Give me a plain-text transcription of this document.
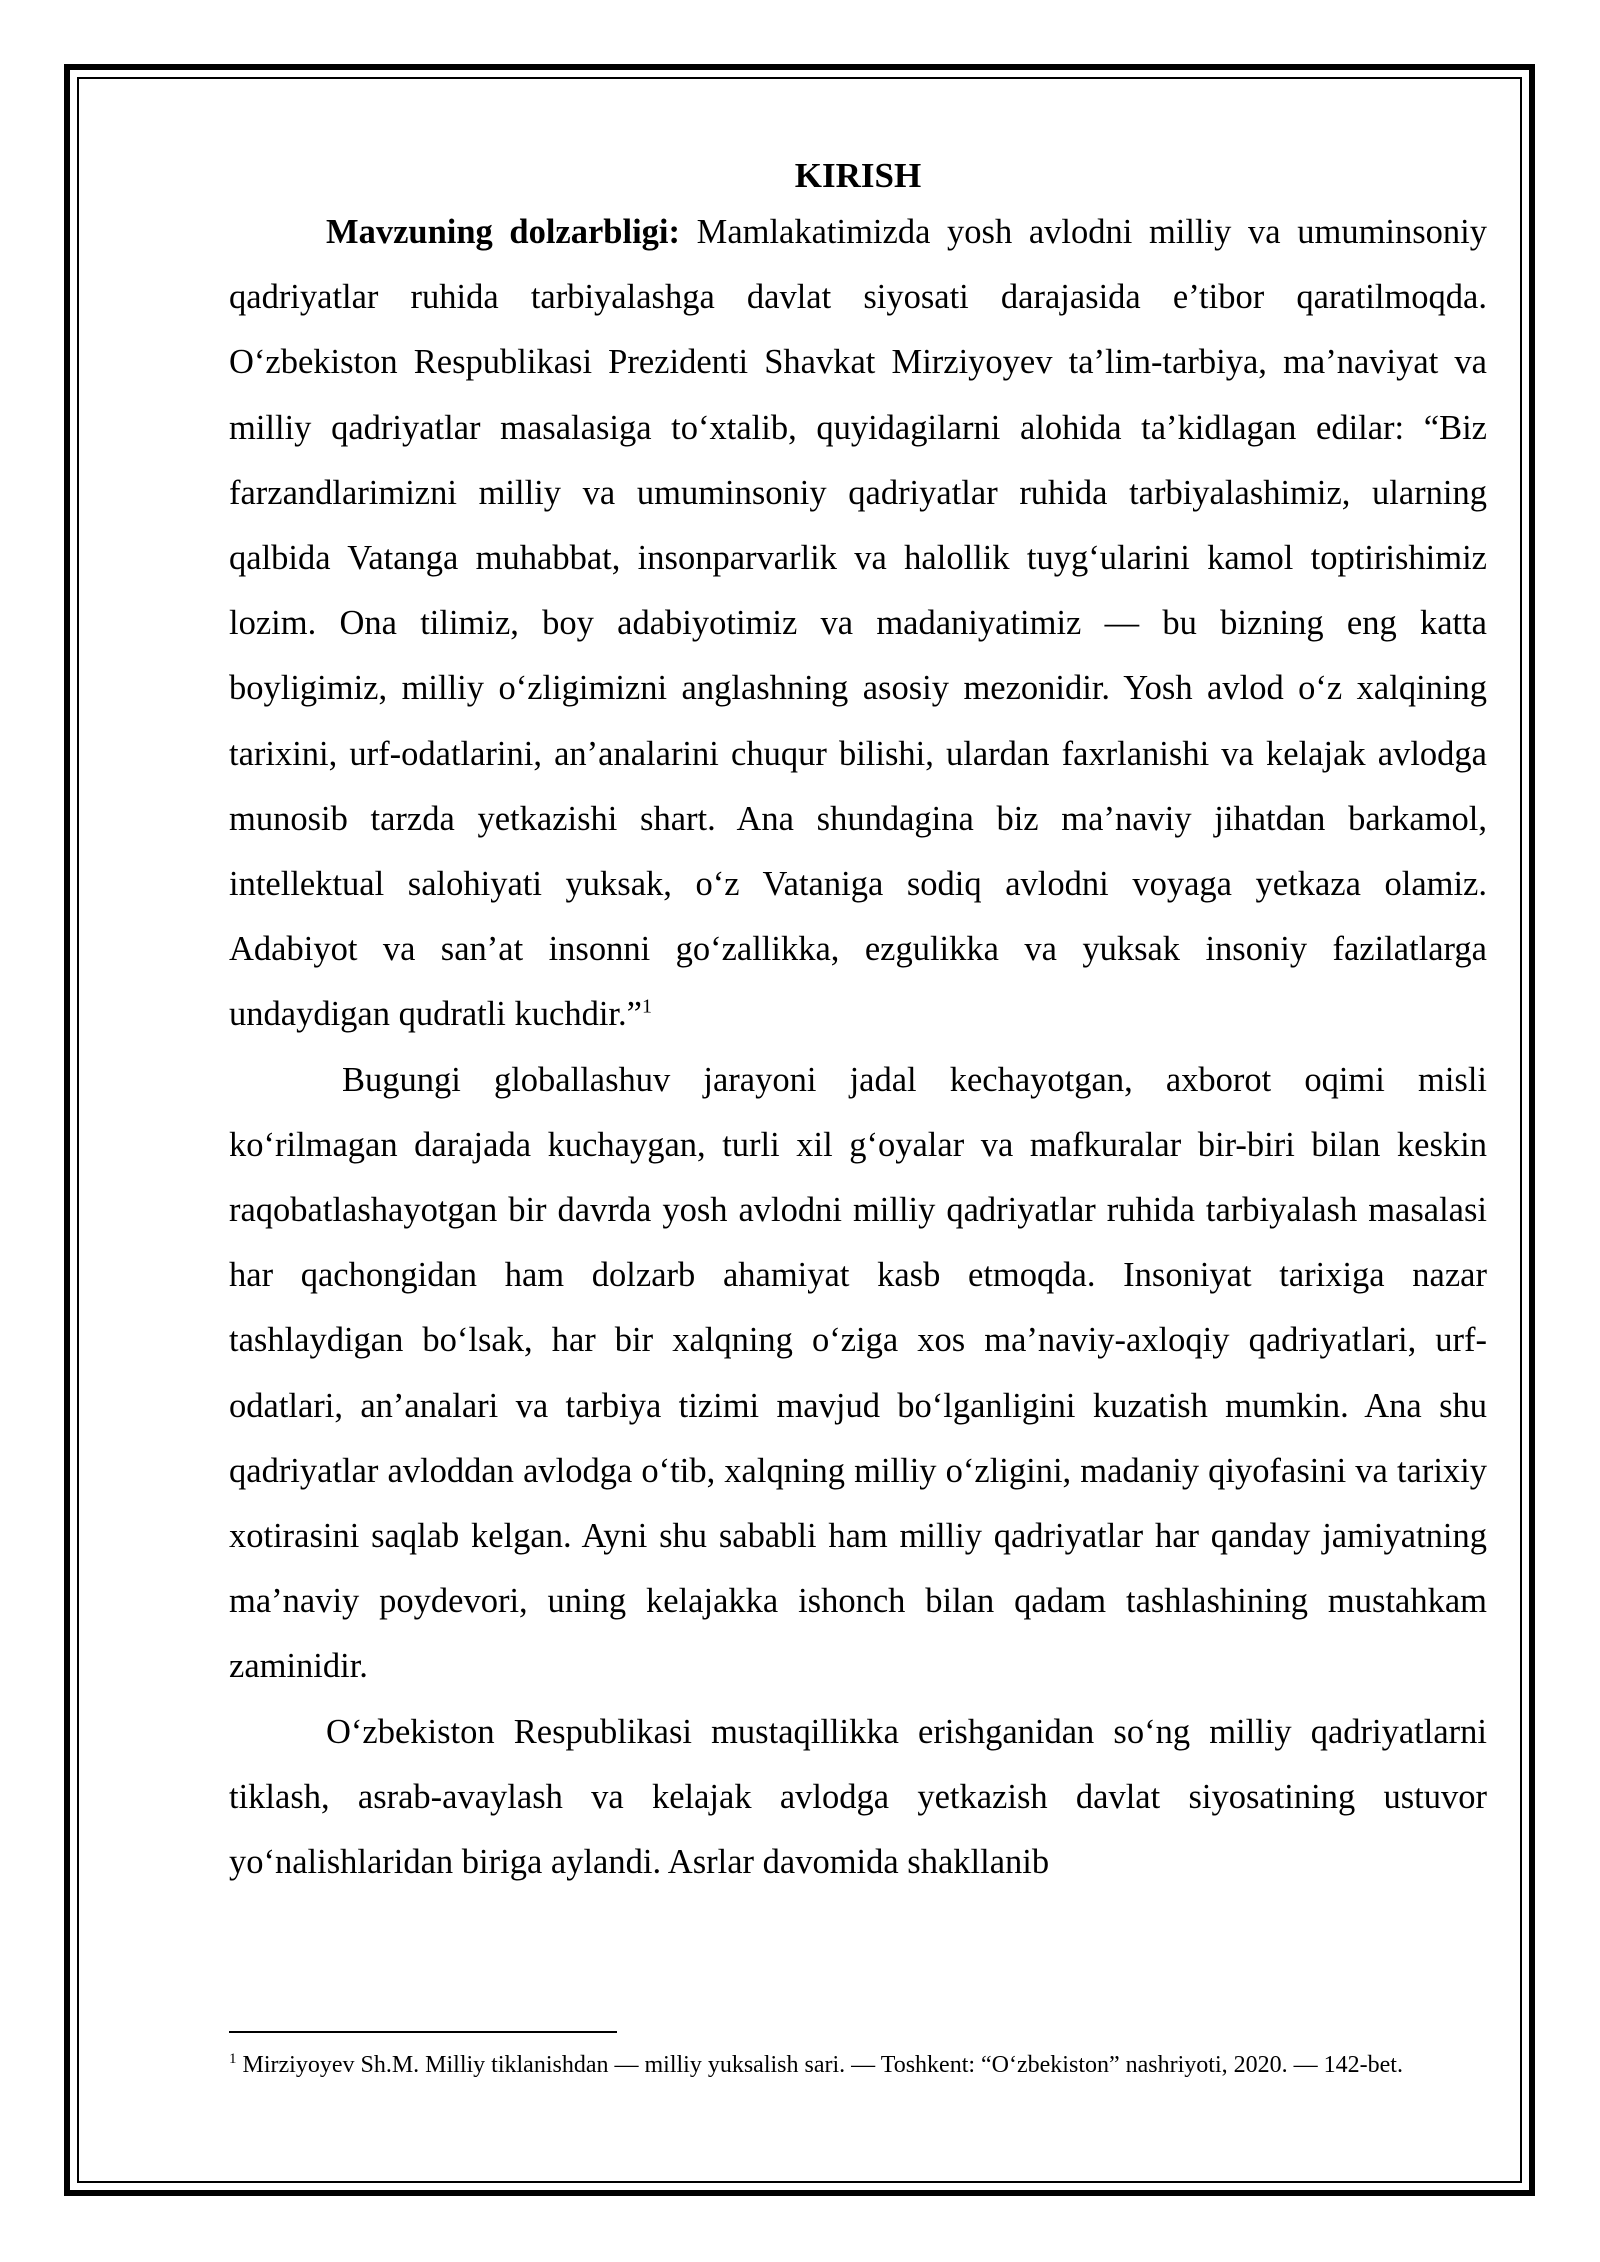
KIRISH

Mavzuning dolzarbligi: Mamlakatimizda yosh avlodni milliy va umuminsoniy qadriyatlar ruhida tarbiyalashga davlat siyosati darajasida e’tibor qaratilmoqda. O‘zbekiston Respublikasi Prezidenti Shavkat Mirziyoyev ta’lim-tarbiya, ma’naviyat va milliy qadriyatlar masalasiga to‘xtalib, quyidagilarni alohida ta’kidlagan edilar: “Biz farzandlarimizni milliy va umuminsoniy qadriyatlar ruhida tarbiyalashimiz, ularning qalbida Vatanga muhabbat, insonparvarlik va halollik tuyg‘ularini kamol toptirishimiz lozim. Ona tilimiz, boy adabiyotimiz va madaniyatimiz — bu bizning eng katta boyligimiz, milliy o‘zligimizni anglashning asosiy mezonidir. Yosh avlod o‘z xalqining tarixini, urf-odatlarini, an’analarini chuqur bilishi, ulardan faxrlanishi va kelajak avlodga munosib tarzda yetkazishi shart. Ana shundagina biz ma’naviy jihatdan barkamol, intellektual salohiyati yuksak, o‘z Vataniga sodiq avlodni voyaga yetkaza olamiz. Adabiyot va san’at insonni go‘zallikka, ezgulikka va yuksak insoniy fazilatlarga undaydigan qudratli kuchdir.”$^1$

Bugungi globallashuv jarayoni jadal kechayotgan, axborot oqimi misli ko‘rilmagan darajada kuchaygan, turli xil g‘oyalar va mafkuralar bir-biri bilan keskin raqobatlashayotgan bir davrda yosh avlodni milliy qadriyatlar ruhida tarbiyalash masalasi har qachongidan ham dolzarb ahamiyat kasb etmoqda. Insoniyat tarixiga nazar tashlaydigan bo‘lsak, har bir xalqning o‘ziga xos ma’naviy-axloqiy qadriyatlari, urf-odatlari, an’analari va tarbiya tizimi mavjud bo‘lganligini kuzatish mumkin. Ana shu qadriyatlar avloddan avlodga o‘tib, xalqning milliy o‘zligini, madaniy qiyofasini va tarixiy xotirasini saqlab kelgan. Ayni shu sababli ham milliy qadriyatlar har qanday jamiyatning ma’naviy poydevori, uning kelajakka ishonch bilan qadam tashlashining mustahkam zaminidir.

O‘zbekiston Respublikasi mustaqillikka erishganidan so‘ng milliy qadriyatlarni tiklash, asrab-avaylash va kelajak avlodga yetkazish davlat siyosatining ustuvor yo‘nalishlaridan biriga aylandi. Asrlar davomida shakllanib

$^1$ Mirziyoyev Sh.M. Milliy tiklanishdan — milliy yuksalish sari. — Toshkent: “O‘zbekiston” nashriyoti, 2020. — 142-bet.
